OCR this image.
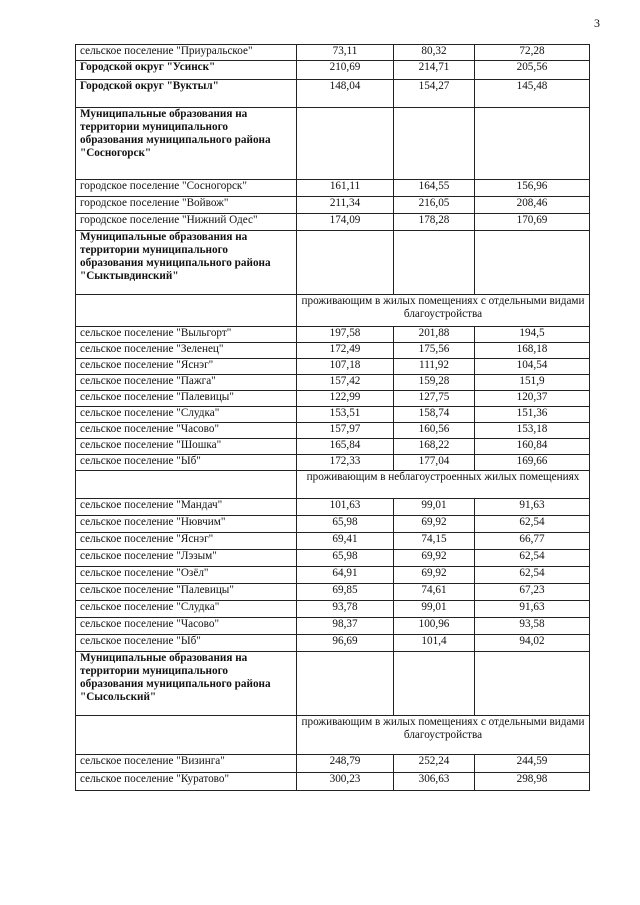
3
сельское поселение "Приуральское"	73,11	80,32	72,28
Городской округ "Усинск"	210,69	214,71	205,56
Городской округ "Вуктыл"	148,04	154,27	145,48
Муниципальные образования на территории муниципального образования муниципального района "Сосногорск"			
городское поселение "Сосногорск"	161,11	164,55	156,96
городское поселение "Войвож"	211,34	216,05	208,46
городское поселение "Нижний Одес"	174,09	178,28	170,69
Муниципальные образования на территории муниципального образования муниципального района "Сыктывдинский"			
	проживающим в жилых помещениях с отдельными видами благоустройства		
сельское поселение "Выльгорт"	197,58	201,88	194,5
сельское поселение "Зеленец"	172,49	175,56	168,18
сельское поселение "Яснэг"	107,18	111,92	104,54
сельское поселение "Пажга"	157,42	159,28	151,9
сельское поселение "Палевицы"	122,99	127,75	120,37
сельское поселение "Слудка"	153,51	158,74	151,36
сельское поселение "Часово"	157,97	160,56	153,18
сельское поселение "Шошка"	165,84	168,22	160,84
сельское поселение "Ыб"	172,33	177,04	169,66
	проживающим в неблагоустроенных жилых помещениях		
сельское поселение "Мандач"	101,63	99,01	91,63
сельское поселение "Нювчим"	65,98	69,92	62,54
сельское поселение "Яснэг"	69,41	74,15	66,77
сельское поселение "Лэзым"	65,98	69,92	62,54
сельское поселение "Озёл"	64,91	69,92	62,54
сельское поселение "Палевицы"	69,85	74,61	67,23
сельское поселение "Слудка"	93,78	99,01	91,63
сельское поселение "Часово"	98,37	100,96	93,58
сельское поселение "Ыб"	96,69	101,4	94,02
Муниципальные образования на территории муниципального образования муниципального района "Сысольский"			
	проживающим в жилых помещениях с отдельными видами благоустройства		
сельское поселение "Визинга"	248,79	252,24	244,59
сельское поселение "Куратово"	300,23	306,63	298,98
